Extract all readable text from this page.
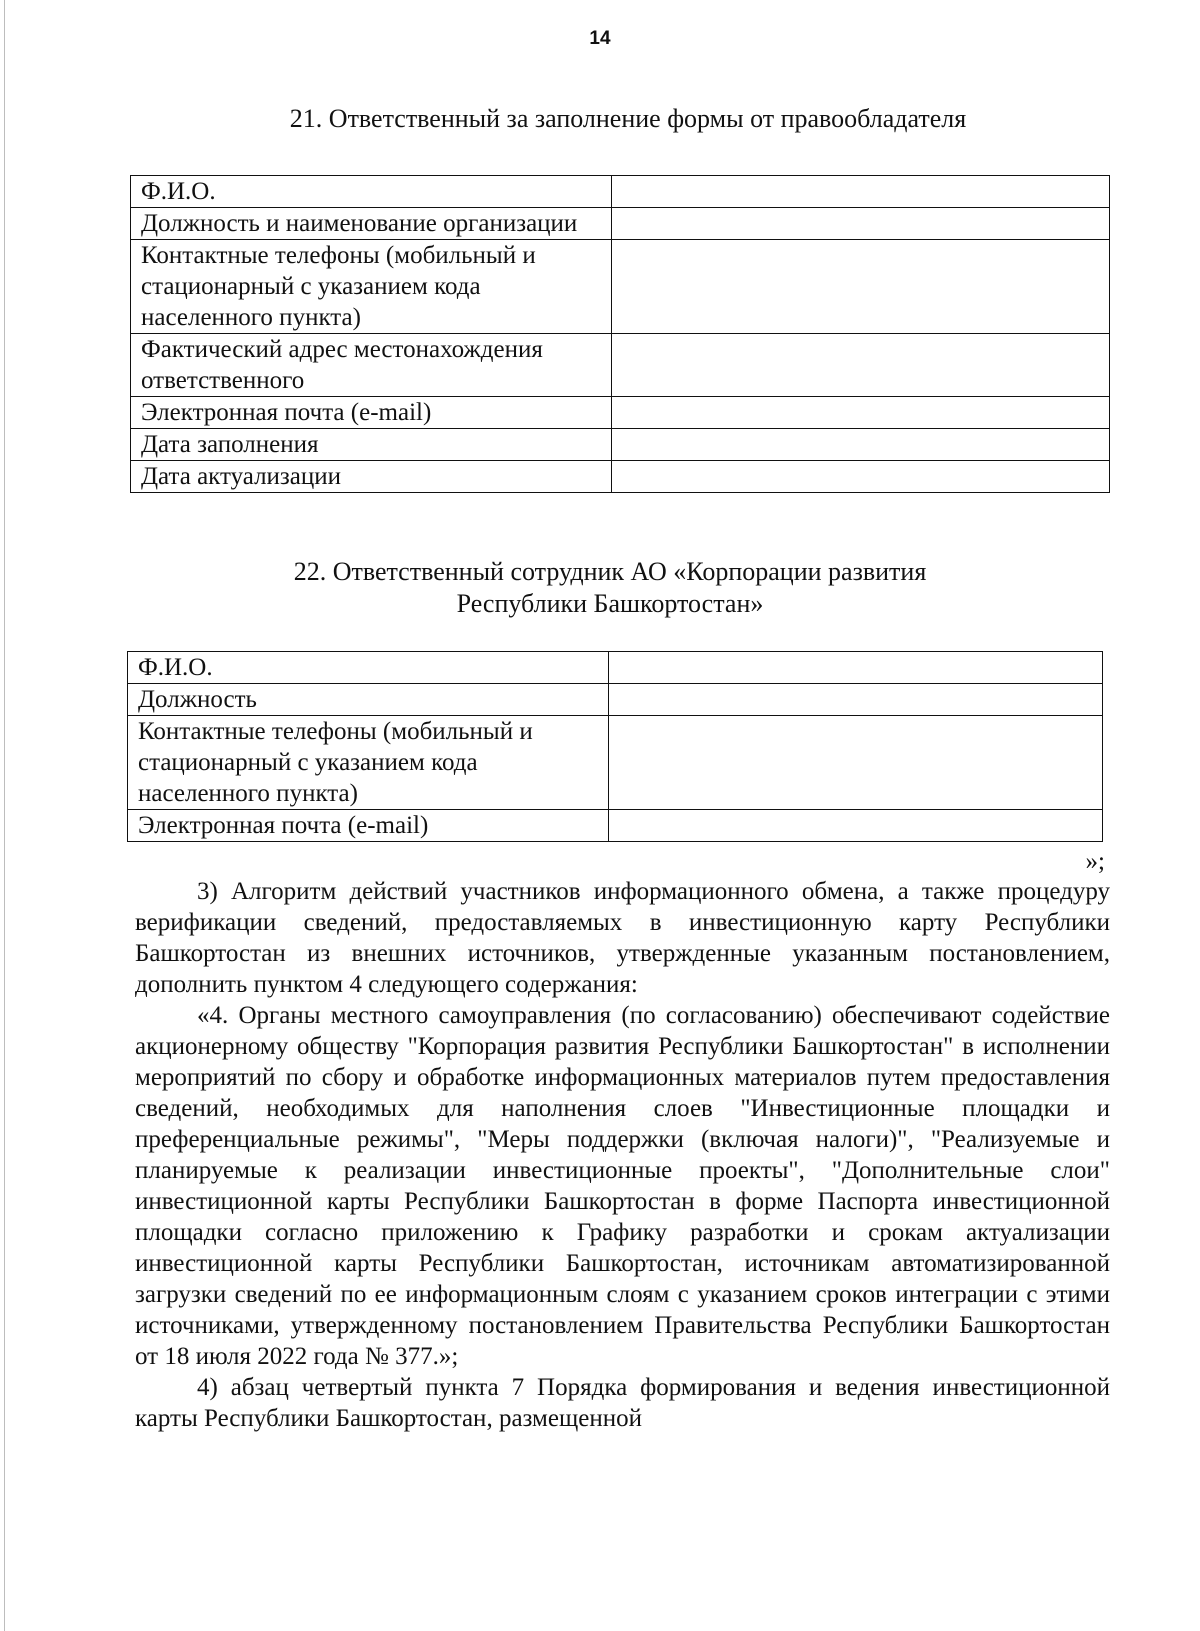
14
21. Ответственный за заполнение формы от правообладателя
Ф.И.О.	
Должность и наименование организации	
Контактные телефоны (мобильный и стационарный с указанием кода населенного пункта)	
Фактический адрес местонахождения ответственного	
Электронная почта (e-mail)	
Дата заполнения	
Дата актуализации	
22. Ответственный сотрудник АО «Корпорации развития
Республики Башкортостан»
Ф.И.О.	
Должность	
Контактные телефоны (мобильный и стационарный с указанием кода населенного пункта)	
Электронная почта (e-mail)	
»;

3) Алгоритм действий участников информационного обмена, а также процедуру верификации сведений, предоставляемых в инвестиционную карту Республики Башкортостан из внешних источников, утвержденные указанным постановлением, дополнить пунктом 4 следующего содержания:

«4. Органы местного самоуправления (по согласованию) обеспечивают содействие акционерному обществу "Корпорация развития Республики Башкортостан" в исполнении мероприятий по сбору и обработке информационных материалов путем предоставления сведений, необходимых для наполнения слоев "Инвестиционные площадки и преференциальные режимы", "Меры поддержки (включая налоги)", "Реализуемые и планируемые к реализации инвестиционные проекты", "Дополнительные слои" инвестиционной карты Республики Башкортостан в форме Паспорта инвестиционной площадки согласно приложению к Графику разработки и срокам актуализации инвестиционной карты Республики Башкортостан, источникам автоматизированной загрузки сведений по ее информационным слоям с указанием сроков интеграции с этими источниками, утвержденному постановлением Правительства Республики Башкортостан от 18 июля 2022 года № 377.»;

4) абзац четвертый пункта 7 Порядка формирования и ведения инвестиционной карты Республики Башкортостан, размещенной
